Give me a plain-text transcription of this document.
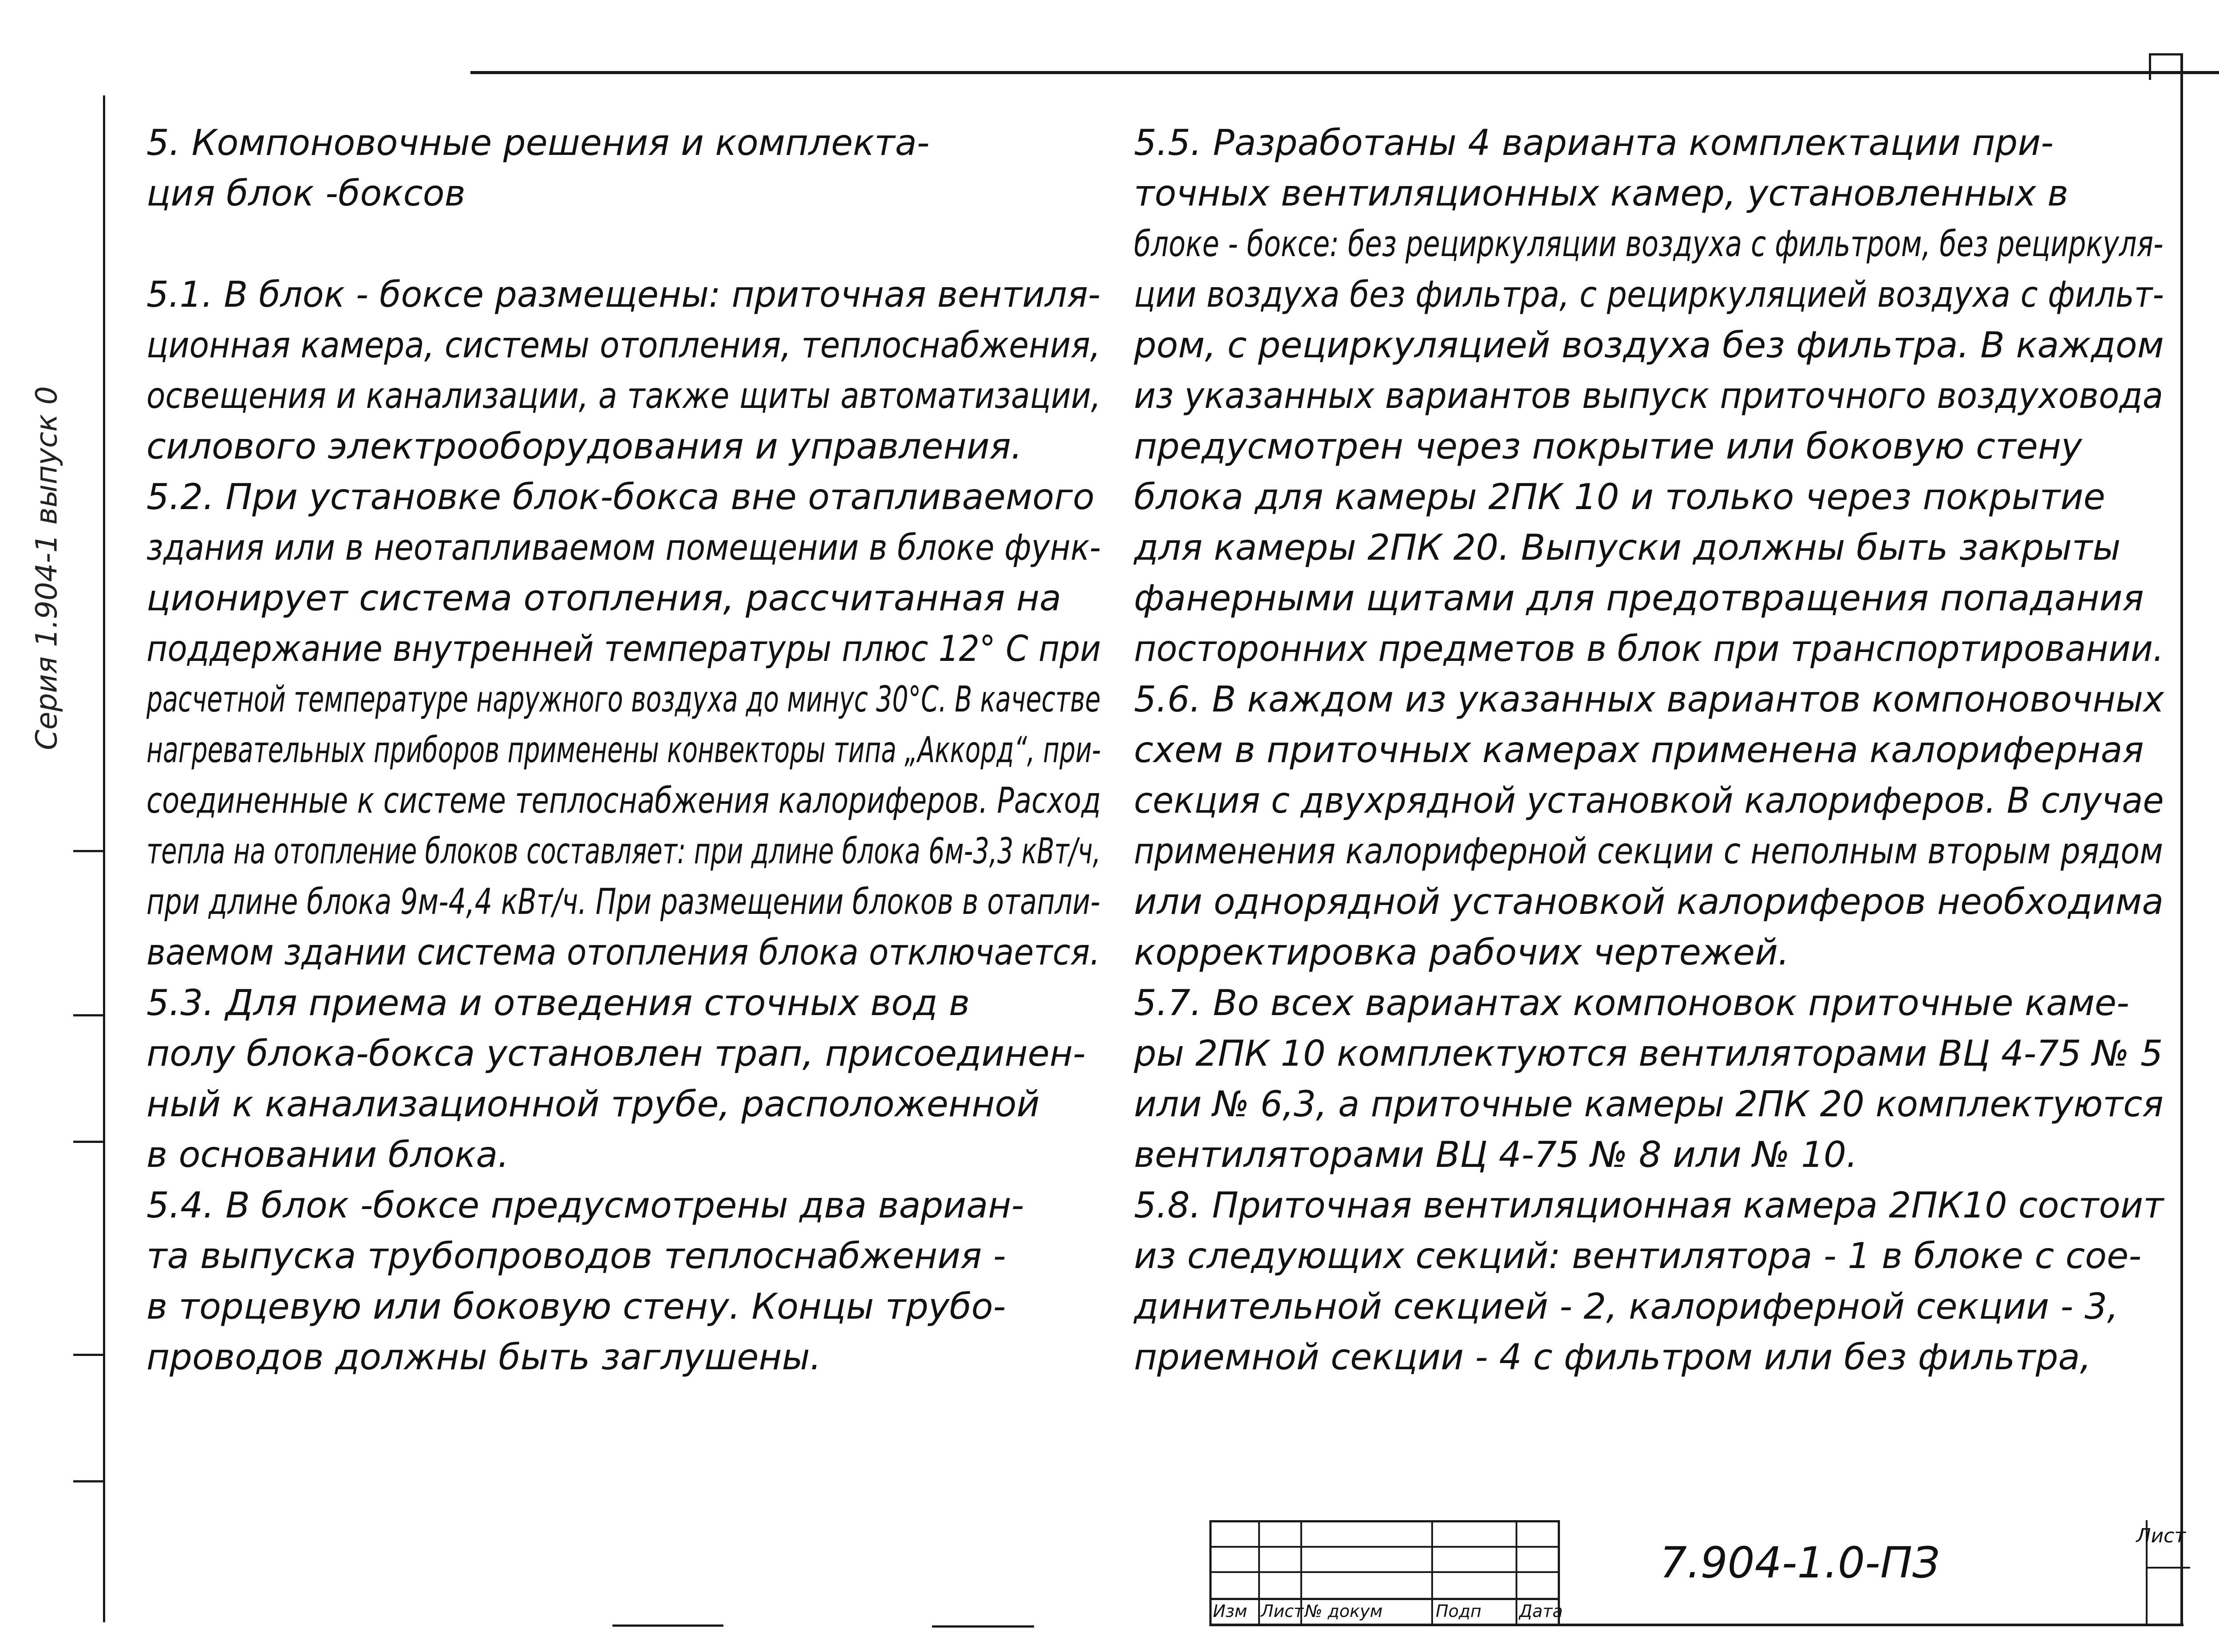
Серия 1.904-1 выпуск 0
5. Компоновочные решения и комплекта-
ция блок -боксов
5.1. В блок - боксе размещены: приточная вентиля-
ционная камера, системы отопления, теплоснабжения,
освещения и канализации, а также щиты автоматизации,
силового электрооборудования и управления.
5.2. При установке блок-бокса вне отапливаемого
здания или в неотапливаемом помещении в блоке функ-
ционирует система отопления, рассчитанная на
поддержание внутренней температуры плюс 12° С при
расчетной температуре наружного воздуха до минус 30°С. В качестве
нагревательных приборов применены конвекторы типа „Аккорд“, при-
соединенные к системе теплоснабжения калориферов. Расход
тепла на отопление блоков составляет: при длине блока 6м-3,3 кВт/ч,
при длине блока 9м-4,4 кВт/ч. При размещении блоков в отапли-
ваемом здании система отопления блока отключается.
5.3. Для приема и отведения сточных вод в
полу блока-бокса установлен трап, присоединен-
ный к канализационной трубе, расположенной
в основании блока.
5.4. В блок -боксе предусмотрены два вариан-
та выпуска трубопроводов теплоснабжения -
в торцевую или боковую стену. Концы трубо-
проводов должны быть заглушены.
5.5. Разработаны 4 варианта комплектации при-
точных вентиляционных камер, установленных в
блоке - боксе: без рециркуляции воздуха с фильтром, без рециркуля-
ции воздуха без фильтра, с рециркуляцией воздуха с фильт-
ром, с рециркуляцией воздуха без фильтра. В каждом
из указанных вариантов выпуск приточного воздуховода
предусмотрен через покрытие или боковую стену
блока для камеры 2ПК 10 и только через покрытие
для камеры 2ПК 20. Выпуски должны быть закрыты
фанерными щитами для предотвращения попадания
посторонних предметов в блок при транспортировании.
5.6. В каждом из указанных вариантов компоновочных
схем в приточных камерах применена калориферная
секция с двухрядной установкой калориферов. В случае
применения калориферной секции с неполным вторым рядом
или однорядной установкой калориферов необходима
корректировка рабочих чертежей.
5.7. Во всех вариантах компоновок приточные каме-
ры 2ПК 10 комплектуются вентиляторами ВЦ 4-75 № 5
или № 6,3, а приточные камеры 2ПК 20 комплектуются
вентиляторами ВЦ 4-75 № 8 или № 10.
5.8. Приточная вентиляционная камера 2ПК10 состоит
из следующих секций: вентилятора - 1 в блоке с сое-
динительной секцией - 2, калориферной секции - 3,
приемной секции - 4 с фильтром или без фильтра,
Изм Лист № докум	Подп Дата
7.904-1.0-ПЗ
Лист
